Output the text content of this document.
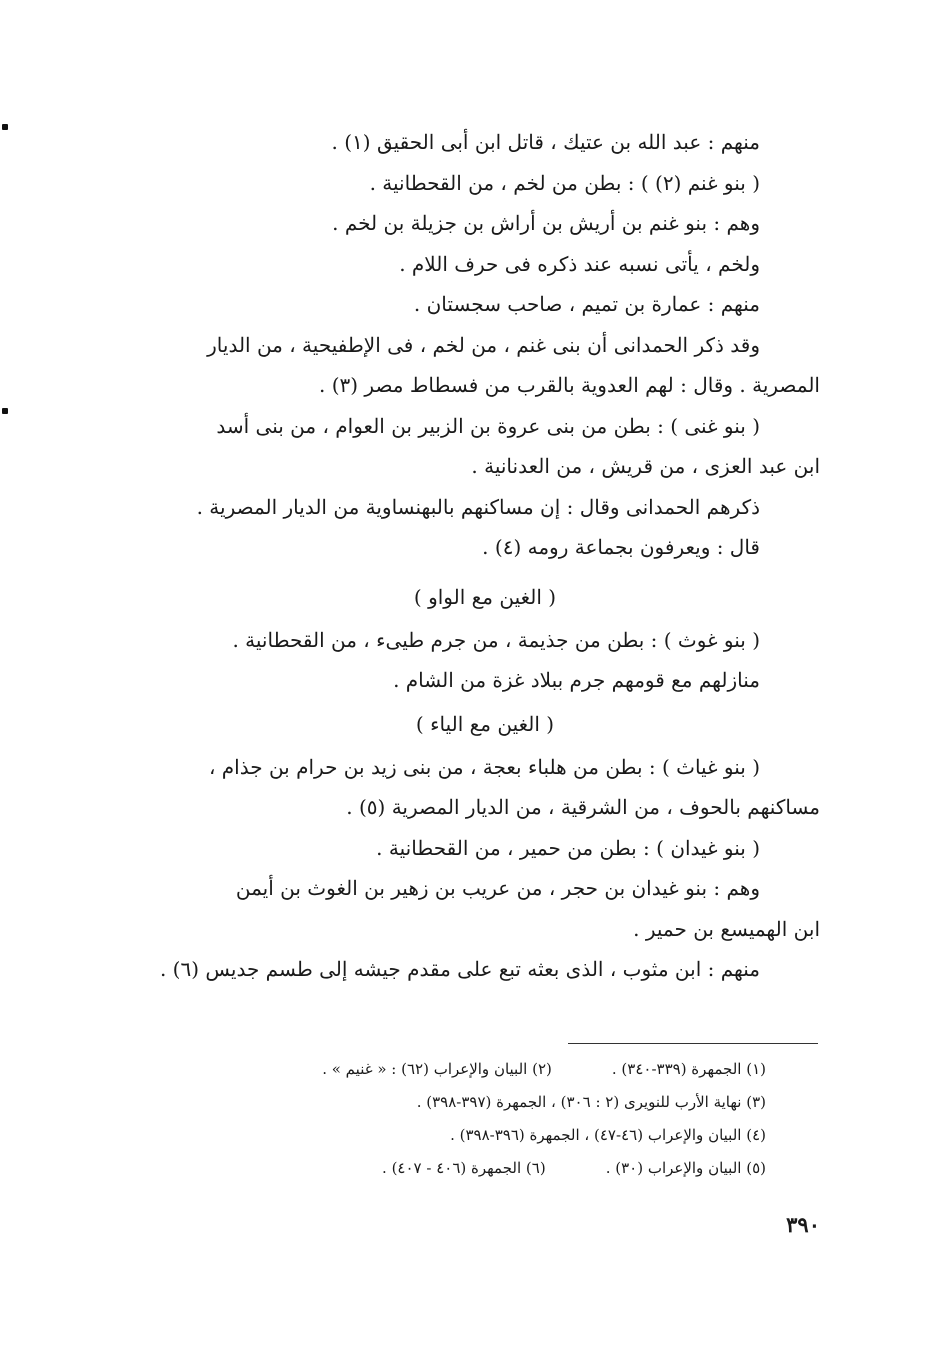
منهم : عبد الله بن عتيك ، قاتل ابن أبى الحقيق (١) .
( بنو غنم (٢) ) : بطن من لخم ، من القحطانية .
وهم : بنو غنم بن أريش بن أراش بن جزيلة بن لخم .
ولخم ، يأتى نسبه عند ذكره فى حرف اللام .
منهم : عمارة بن تميم ، صاحب سجستان .
وقد ذكر الحمدانى أن بنى غنم ، من لخم ، فى الإطفيحية ، من الديار
المصرية . وقال : لهم العدوية بالقرب من فسطاط مصر (٣) .
( بنو غنى ) : بطن من بنى عروة بن الزبير بن العوام ، من بنى أسد
ابن عبد العزى ، من قريش ، من العدنانية .
ذكرهم الحمدانى وقال : إن مساكنهم بالبهنساوية من الديار المصرية .
قال : ويعرفون بجماعة رومه (٤) .
( الغين مع الواو )
( بنو غوث ) : بطن من جذيمة ، من جرم طيىء ، من القحطانية .
منازلهم مع قومهم جرم ببلاد غزة من الشام .
( الغين مع الياء )
( بنو غياث ) : بطن من هلباء بعجة ، من بنى زيد بن حرام بن جذام ،
مساكنهم بالحوف ، من الشرقية ، من الديار المصرية (٥) .
( بنو غيدان ) : بطن من حمير ، من القحطانية .
وهم : بنو غيدان بن حجر ، من عريب بن زهير بن الغوث بن أيمن
ابن الهميسع بن حمير .
منهم : ابن مثوب ، الذى بعثه تبع على مقدم جيشه إلى طسم جديس (٦) .
(١) الجمهرة (٣٣٩-٣٤٠) .(٢) البيان والإعراب (٦٢) : « غنيم » .
(٣) نهاية الأرب للنويرى (٢ : ٣٠٦) ، الجمهرة (٣٩٧-٣٩٨) .
(٤) البيان والإعراب (٤٦-٤٧) ، الجمهرة (٣٩٦-٣٩٨) .
(٥) البيان والإعراب (٣٠) .(٦) الجمهرة (٤٠٦ - ٤٠٧) .
٣٩٠
